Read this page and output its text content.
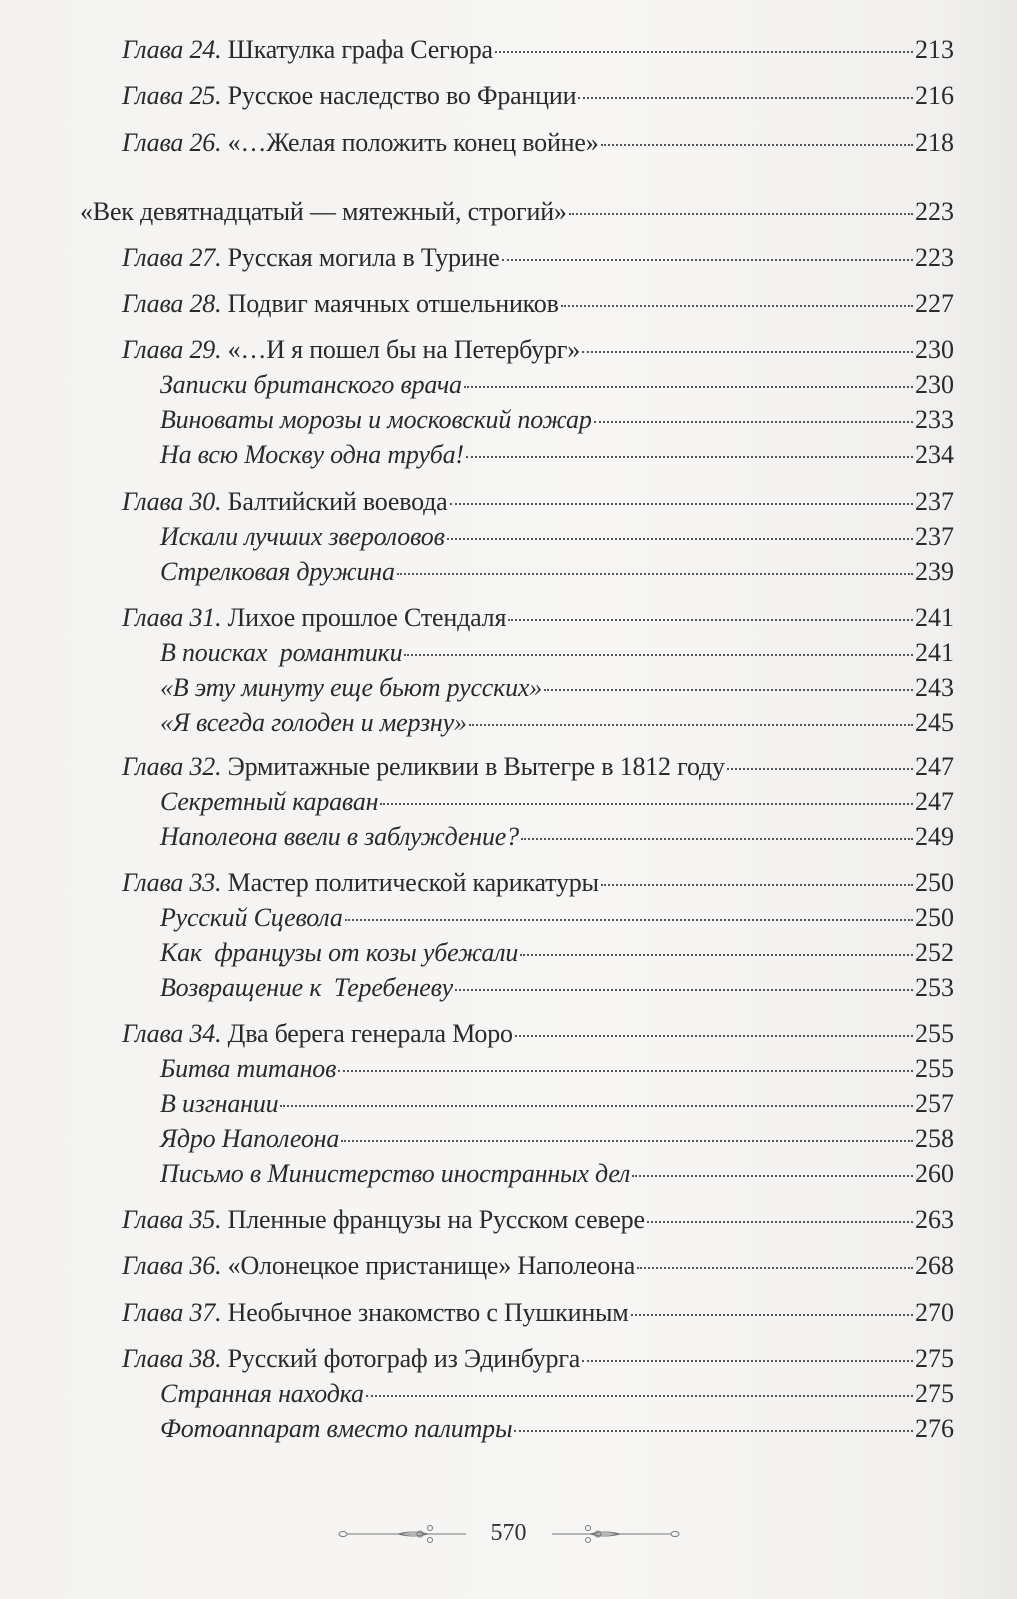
Глава 24. Шкатулка графа Сегюра	213
Глава 25. Русское наследство во Франции	216
Глава 26. «…Желая положить конец войне»	218
«Век девятнадцатый — мятежный, строгий»	223
Глава 27. Русская могила в Турине	223
Глава 28. Подвиг маячных отшельников	227
Глава 29. «…И я пошел бы на Петербург»	230
Записки британского врача	230
Виноваты морозы и московский пожар	233
На всю Москву одна труба!	234
Глава 30. Балтийский воевода	237
Искали лучших звероловов	237
Стрелковая дружина	239
Глава 31. Лихое прошлое Стендаля	241
В поисках  романтики	241
«В эту минуту еще бьют русских»	243
«Я всегда голоден и мерзну»	245
Глава 32. Эрмитажные реликвии в Вытегре в 1812 году	247
Секретный караван	247
Наполеона ввели в заблуждение?	249
Глава 33. Мастер политической карикатуры	250
Русский Сцевола	250
Как  французы от козы убежали	252
Возвращение к  Теребеневу	253
Глава 34. Два берега генерала Моро	255
Битва титанов	255
В изгнании	257
Ядро Наполеона	258
Письмо в Министерство иностранных дел	260
Глава 35. Пленные французы на Русском севере	263
Глава 36. «Олонецкое пристанище» Наполеона	268
Глава 37. Необычное знакомство с Пушкиным	270
Глава 38. Русский фотограф из Эдинбурга	275
Странная находка	275
Фотоаппарат вместо палитры	276
570
